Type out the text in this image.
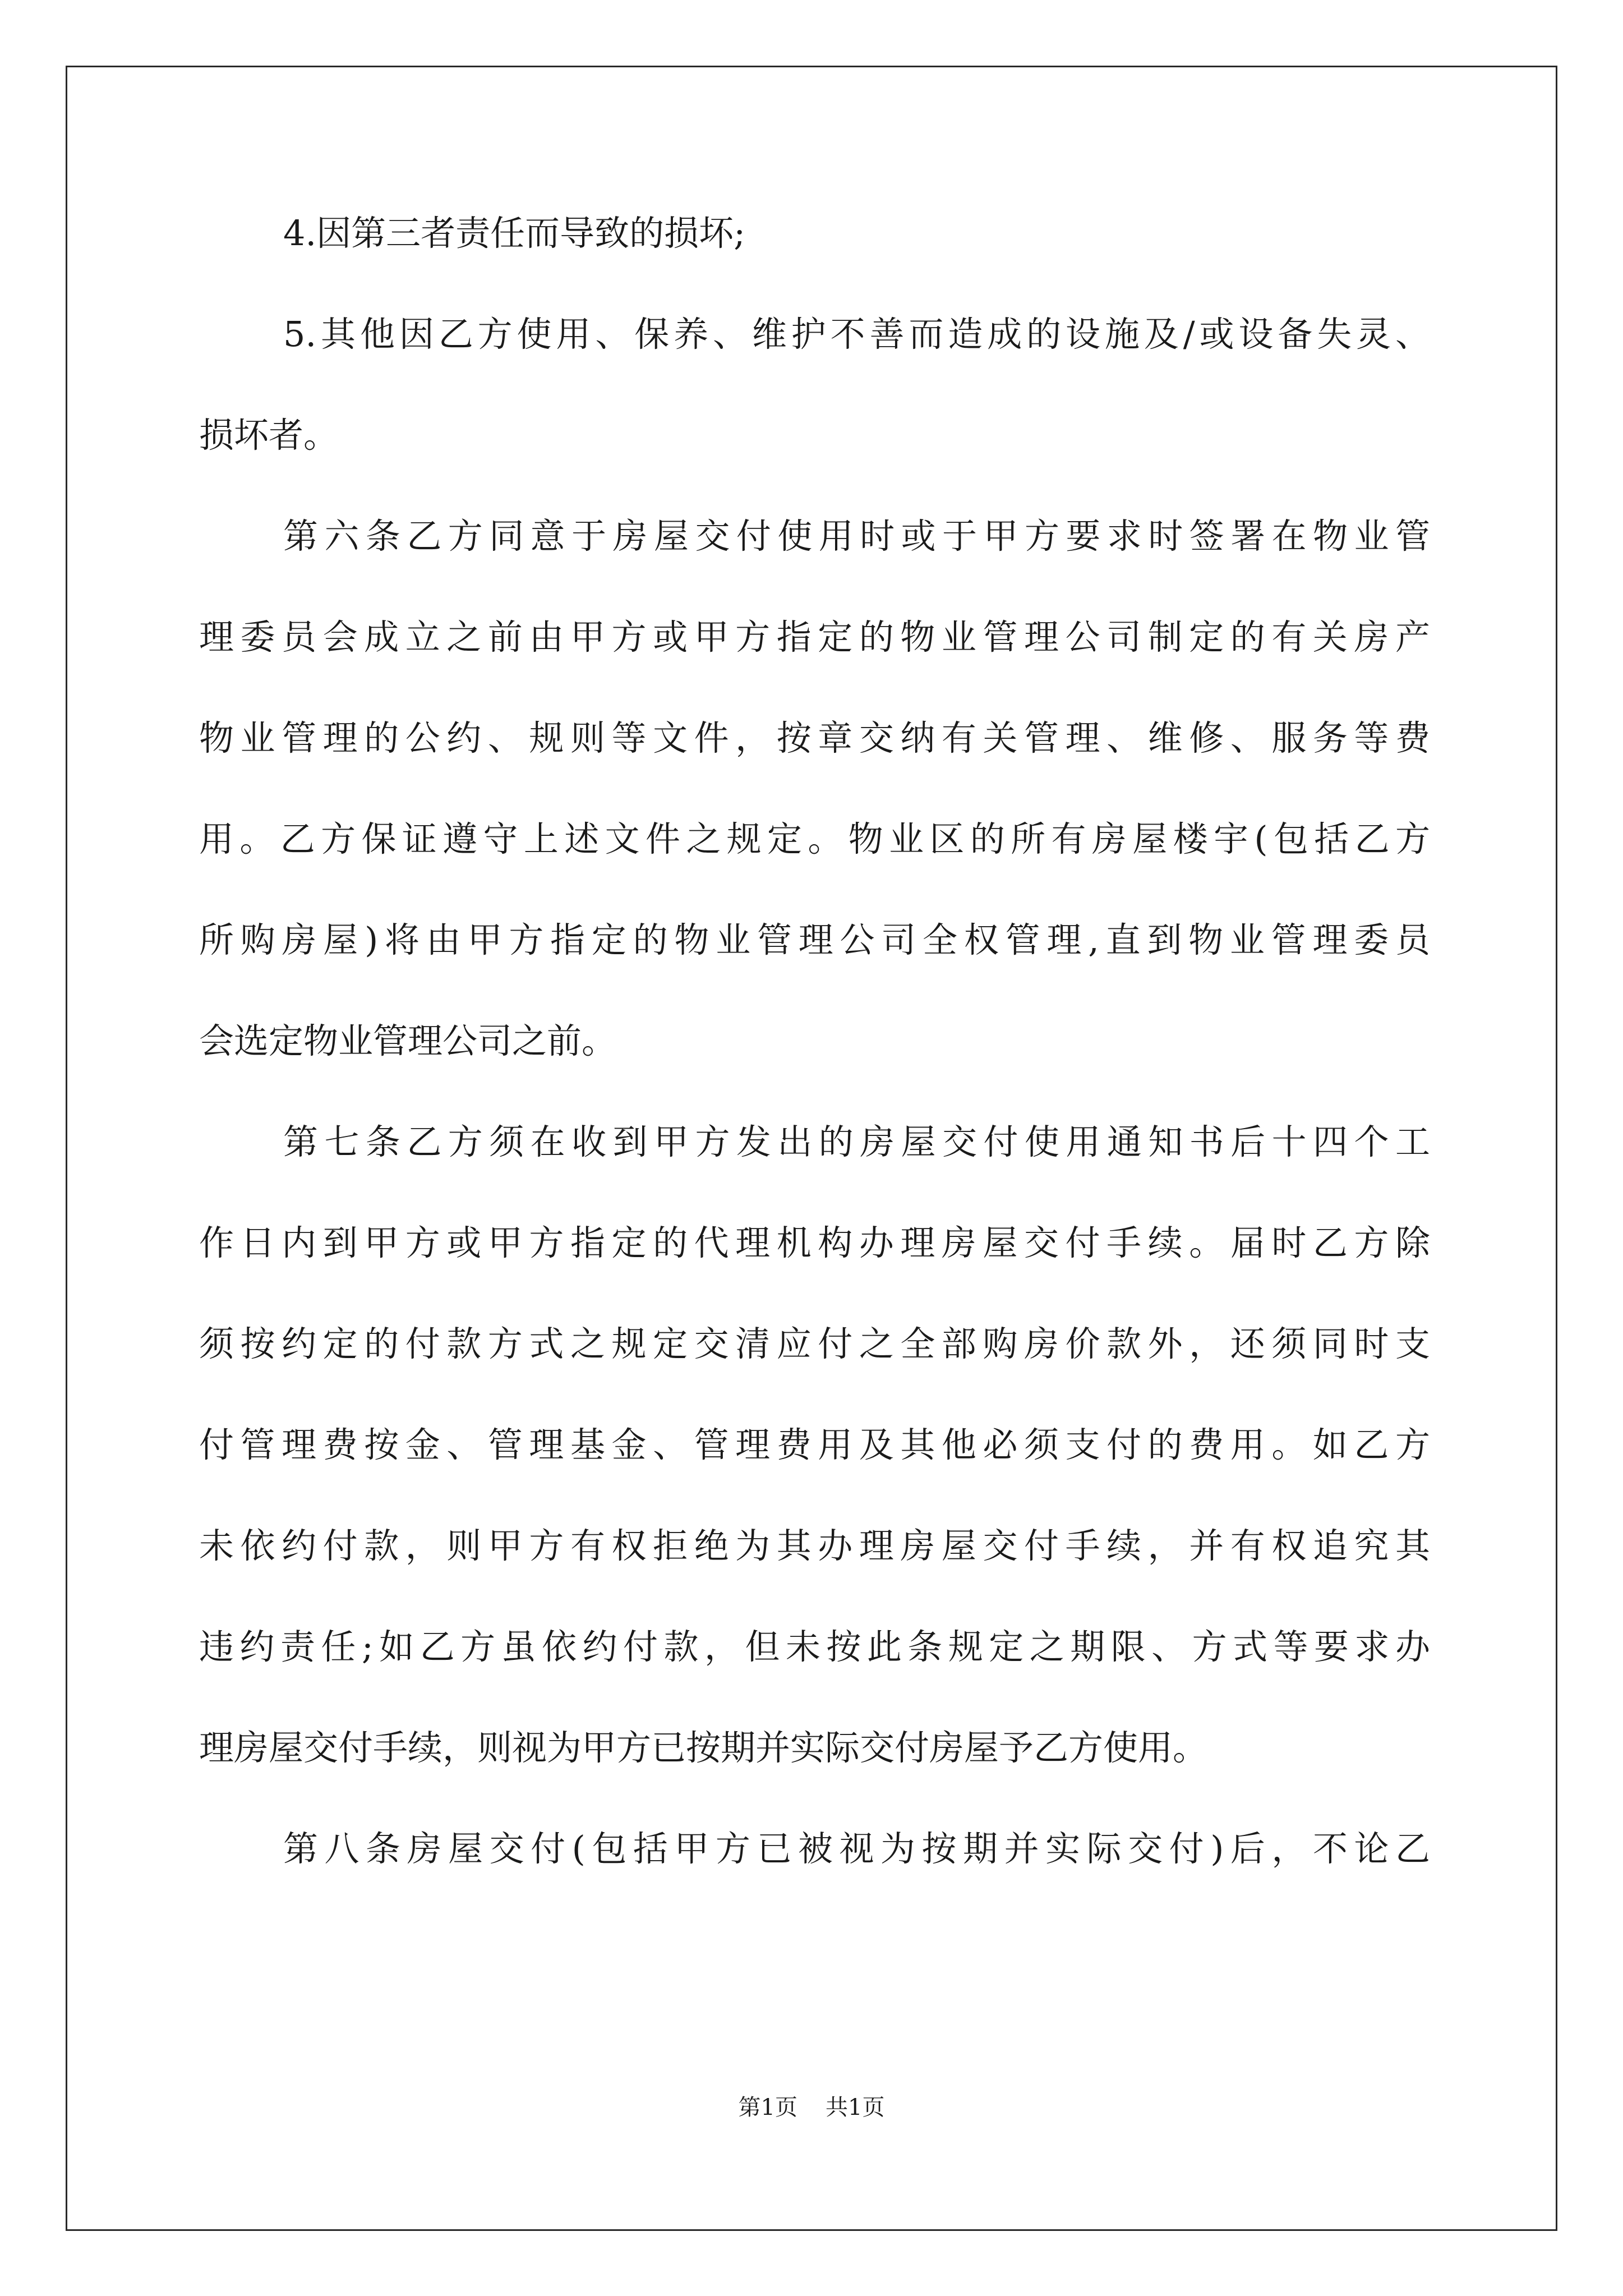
4.因第三者责任而导致的损坏;
5.其他因乙方使用、保养、维护不善而造成的设施及/或设备失灵、
损坏者。
第六条乙方同意于房屋交付使用时或于甲方要求时签署在物业管
理委员会成立之前由甲方或甲方指定的物业管理公司制定的有关房产
物业管理的公约、规则等文件，按章交纳有关管理、维修、服务等费
用。乙方保证遵守上述文件之规定。物业区的所有房屋楼宇(包括乙方
所购房屋)将由甲方指定的物业管理公司全权管理,直到物业管理委员
会选定物业管理公司之前。
第七条乙方须在收到甲方发出的房屋交付使用通知书后十四个工
作日内到甲方或甲方指定的代理机构办理房屋交付手续。届时乙方除
须按约定的付款方式之规定交清应付之全部购房价款外，还须同时支
付管理费按金、管理基金、管理费用及其他必须支付的费用。如乙方
未依约付款，则甲方有权拒绝为其办理房屋交付手续，并有权追究其
违约责任;如乙方虽依约付款，但未按此条规定之期限、方式等要求办
理房屋交付手续，则视为甲方已按期并实际交付房屋予乙方使用。
第八条房屋交付(包括甲方已被视为按期并实际交付)后，不论乙
第1页 共1页
